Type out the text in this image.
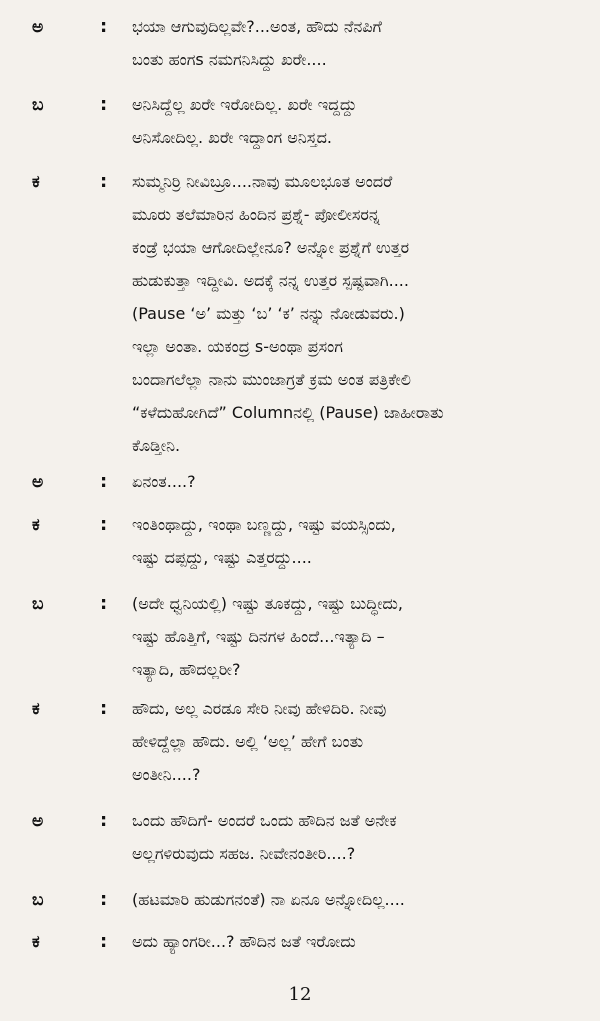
ಅ	: ಭಯಾ ಆಗುವುದಿಲ್ಲವೇ?...ಅಂತ, ಹೌದು ನೆನಪಿಗೆ
ಬಂತು ಹಂಗs ನಮಗನಿಸಿದ್ದು ಖರೇ....
ಬ	: ಅನಿಸಿದ್ದೆಲ್ಲ ಖರೇ ಇರೋದಿಲ್ಲ. ಖರೇ ಇದ್ದದ್ದು
ಅನಿಸೋದಿಲ್ಲ. ಖರೇ ಇದ್ದಾಂಗ ಅನಿಸ್ತದ.
ಕ	: ಸುಮ್ಮನಿರ್ರಿ ನೀವಿಬ್ರೂ....ನಾವು ಮೂಲಭೂತ ಅಂದರೆ
ಮೂರು ತಲೆಮಾರಿನ ಹಿಂದಿನ ಪ್ರಶ್ನೆ- ಪೋಲೀಸರನ್ನ
ಕಂಡ್ರೆ ಭಯಾ ಆಗೋದಿಲ್ಲೇನೂ? ಅನ್ನೋ ಪ್ರಶ್ನೆಗೆ ಉತ್ತರ
ಹುಡುಕುತ್ತಾ ಇದ್ದೀವಿ. ಅದಕ್ಕೆ ನನ್ನ ಉತ್ತರ ಸ್ಪಷ್ಟವಾಗಿ....
(Pause ‘ಅ’ ಮತ್ತು ‘ಬ’ ‘ಕ’ ನನ್ನು ನೋಡುವರು.)
ಇಲ್ಲಾ ಅಂತಾ. ಯಕಂದ್ರ s-ಅಂಥಾ ಪ್ರಸಂಗ
ಬಂದಾಗಲೆಲ್ಲಾ ನಾನು ಮುಂಜಾಗ್ರತೆ ಕ್ರಮ ಅಂತ ಪತ್ರಿಕೇಲಿ
“ಕಳೆದುಹೋಗಿದೆ” Columnನಲ್ಲಿ (Pause) ಜಾಹೀರಾತು
ಕೊಡ್ತೀನಿ.
ಅ	: ಏನಂತ....?
ಕ	: ಇಂತಿಂಥಾದ್ದು, ಇಂಥಾ ಬಣ್ಣದ್ದು, ಇಷ್ಟು ವಯಸ್ಸಿಂದು,
ಇಷ್ಟು ದಪ್ಪದ್ದು, ಇಷ್ಟು ಎತ್ತರದ್ದು....
ಬ	: (ಅದೇ ಧ್ವನಿಯಲ್ಲಿ) ಇಷ್ಟು ತೂಕದ್ದು, ಇಷ್ಟು ಬುದ್ಧೀದು,
ಇಷ್ಟು ಹೊತ್ತಿಗೆ, ಇಷ್ಟು ದಿನಗಳ ಹಿಂದೆ...ಇತ್ಯಾದಿ –
ಇತ್ಯಾದಿ, ಹೌದಲ್ಲರೀ?
ಕ	: ಹೌದು, ಅಲ್ಲ ಎರಡೂ ಸೇರಿ ನೀವು ಹೇಳಿದಿರಿ. ನೀವು
ಹೇಳಿದ್ದೆಲ್ಲಾ ಹೌದು. ಅಲ್ಲಿ ‘ಅಲ್ಲ’ ಹೇಗೆ ಬಂತು
ಅಂತೀನಿ....?
ಅ	: ಒಂದು ಹೌದಿಗೆ- ಅಂದರೆ ಒಂದು ಹೌದಿನ ಜತೆ ಅನೇಕ
ಅಲ್ಲಗಳಿರುವುದು ಸಹಜ. ನೀವೇನಂತೀರಿ....?
ಬ	: (ಹಟಮಾರಿ ಹುಡುಗನಂತೆ) ನಾ ಏನೂ ಅನ್ನೋದಿಲ್ಲ....
ಕ	: ಅದು ಹ್ಯಾಂಗರೀ...? ಹೌದಿನ ಜತೆ ಇರೋದು
12
